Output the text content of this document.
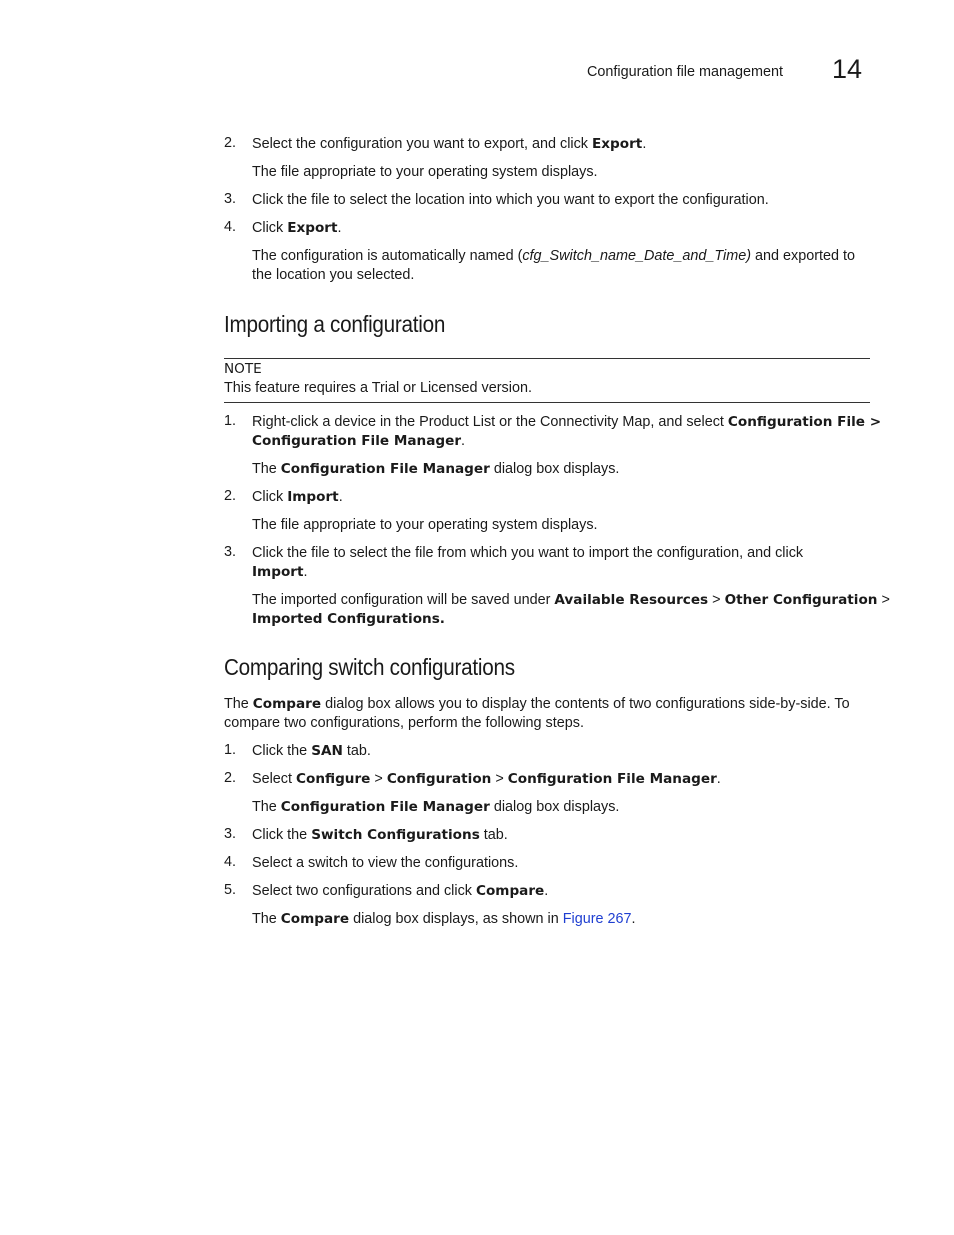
Configuration file management 14
2. Select the configuration you want to export, and click Export.
The file appropriate to your operating system displays.
3. Click the file to select the location into which you want to export the configuration.
4. Click Export.
The configuration is automatically named (cfg_Switch_name_Date_and_Time) and exported to
the location you selected.
Importing a configuration
NOTE
This feature requires a Trial or Licensed version.
1. Right-click a device in the Product List or the Connectivity Map, and select Configuration File >
Configuration File Manager.
The Configuration File Manager dialog box displays.
2. Click Import.
The file appropriate to your operating system displays.
3. Click the file to select the file from which you want to import the configuration, and click
Import.
The imported configuration will be saved under Available Resources > Other Configuration >
Imported Configurations.
Comparing switch configurations
The Compare dialog box allows you to display the contents of two configurations side-by-side. To
compare two configurations, perform the following steps.
1. Click the SAN tab.
2. Select Configure > Configuration > Configuration File Manager.
The Configuration File Manager dialog box displays.
3. Click the Switch Configurations tab.
4. Select a switch to view the configurations.
5. Select two configurations and click Compare.
The Compare dialog box displays, as shown in Figure 267.
